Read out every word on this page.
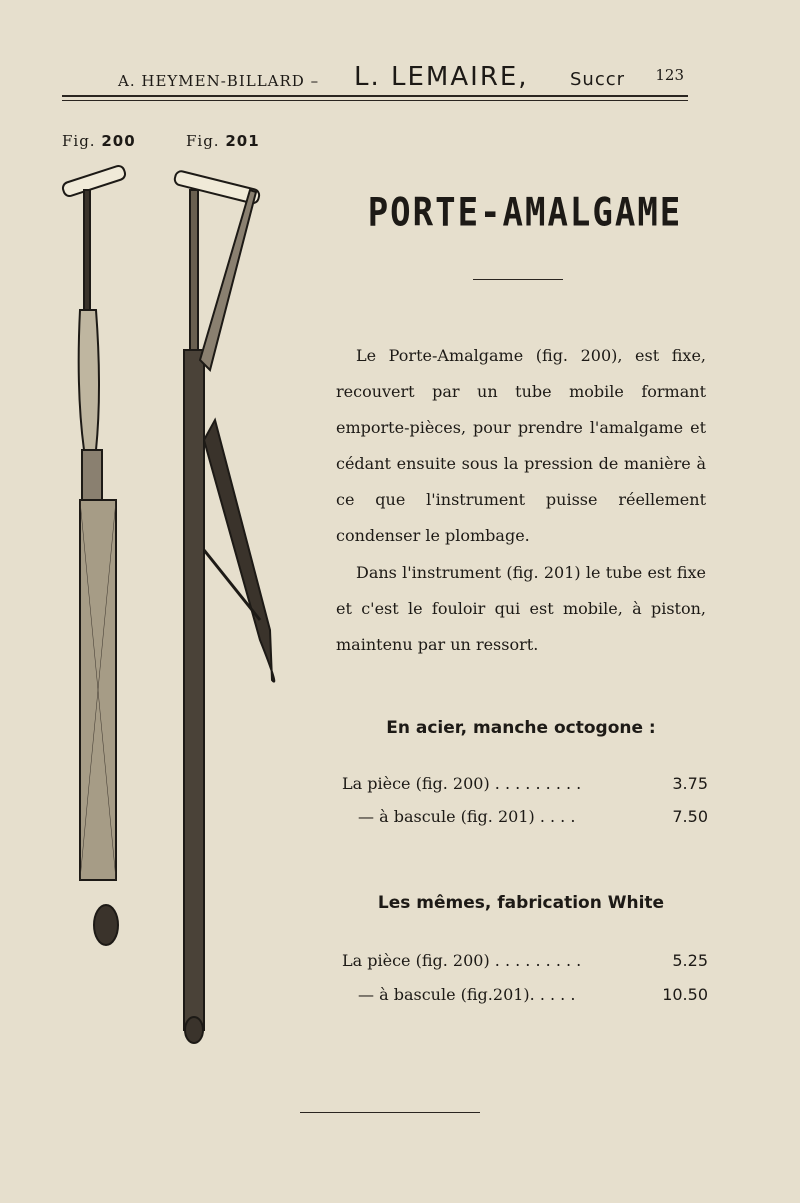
A. HEYMEN-BILLARD – L. LEMAIRE, Succr 123
Fig. 200	Fig. 201
PORTE-AMALGAME
Le Porte-Amalgame (fig. 200), est fixe, recouvert par un tube mobile formant emporte-pièces, pour prendre l'amalgame et cédant ensuite sous la pression de manière à ce que l'instrument puisse réellement condenser le plombage.
Dans l'instrument (fig. 201) le tube est fixe et c'est le fouloir qui est mobile, à piston, maintenu par un ressort.
En acier, manche octogone :
La pièce (fig. 200) . . . . . . . . .	3.75
— à bascule (fig. 201) . . . .	7.50
Les mêmes, fabrication White
La pièce (fig. 200) . . . . . . . . .	5.25
— à bascule (fig.201). . . . .	10.50
